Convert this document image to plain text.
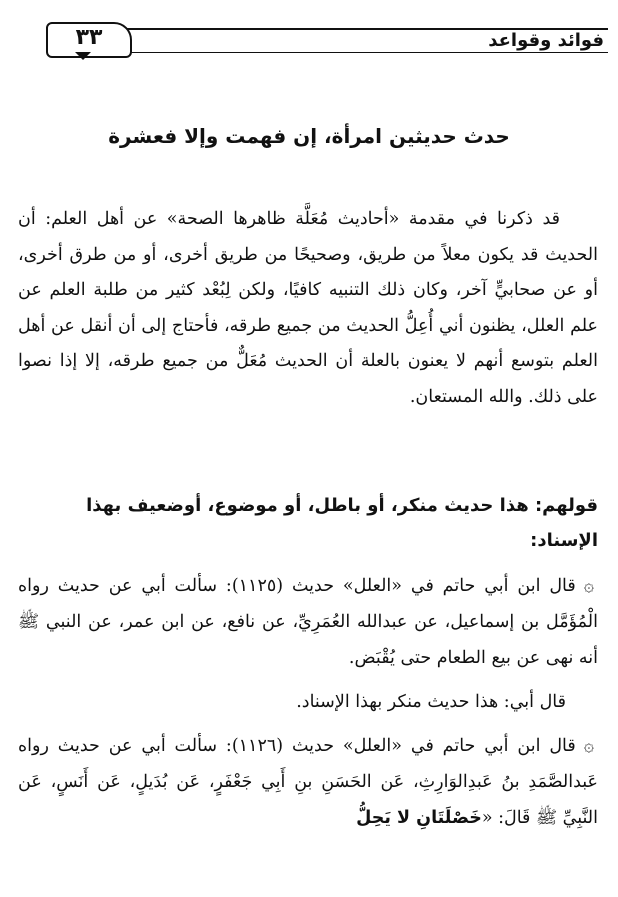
فوائد وقواعد
٣٣
حدث حديثين امرأة، إن فهمت وإلا فعشرة
قد ذكرنا في مقدمة «أحاديث مُعَلَّة ظاهرها الصحة» عن أهل العلم: أن الحديث قد يكون معلاً من طريق، وصحيحًا من طريق أخرى، أو من طرق أخرى، أو عن صحابيٍّ آخر، وكان ذلك التنبيه كافيًا، ولكن لِبُعْد كثير من طلبة العلم عن علم العلل، يظنون أني أُعِلُّ الحديث من جميع طرقه، فأحتاج إلى أن أنقل عن أهل العلم بتوسع أنهم لا يعنون بالعلة أن الحديث مُعَلٌّ من جميع طرقه، إلا إذا نصوا على ذلك. والله المستعان.
قولهم: هذا حديث منكر، أو باطل، أو موضوع، أوضعيف بهذا الإسناد:
۞قال ابن أبي حاتم في «العلل» حديث (١١٢٥): سألت أبي عن حديث رواه الْمُؤَمَّل بن إسماعيل، عن عبدالله العُمَرِيِّ، عن نافع، عن ابن عمر، عن النبي ﷺ أنه نهى عن بيع الطعام حتى يُقْبَض.
قال أبي: هذا حديث منكر بهذا الإسناد.
۞قال ابن أبي حاتم في «العلل» حديث (١١٢٦): سألت أبي عن حديث رواه عَبدالصَّمَدِ بنُ عَبدِالوَارِثِ، عَن الحَسَنِ بنِ أَبِي جَعْفَرٍ، عَن بُدَيلٍ، عَن أَنَسٍ، عَن النَّبِيِّ ﷺ قَالَ: «خَصْلَتَانِ لا يَحِلُّ
